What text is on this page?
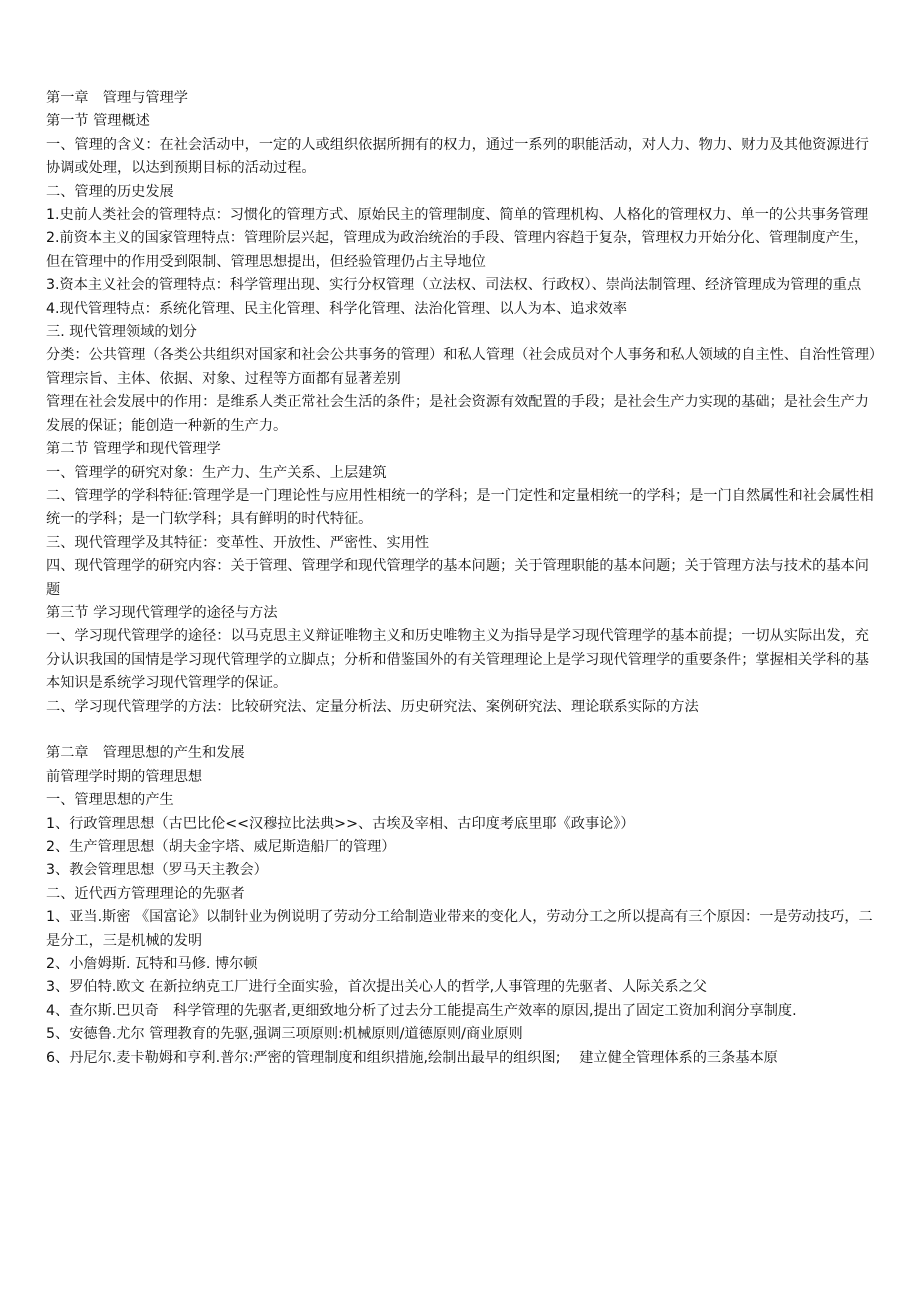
第一章　管理与管理学
第一节 管理概述
一、管理的含义：在社会活动中，一定的人或组织依据所拥有的权力，通过一系列的职能活动，对人力、物力、财力及其他资源进行协调或处理，以达到预期目标的活动过程。
二、管理的历史发展
1.史前人类社会的管理特点：习惯化的管理方式、原始民主的管理制度、简单的管理机构、人格化的管理权力、单一的公共事务管理
2.前资本主义的国家管理特点：管理阶层兴起，管理成为政治统治的手段、管理内容趋于复杂，管理权力开始分化、管理制度产生，但在管理中的作用受到限制、管理思想提出，但经验管理仍占主导地位
3.资本主义社会的管理特点：科学管理出现、实行分权管理（立法权、司法权、行政权）、崇尚法制管理、经济管理成为管理的重点
4.现代管理特点：系统化管理、民主化管理、科学化管理、法治化管理、以人为本、追求效率
三. 现代管理领域的划分
分类：公共管理（各类公共组织对国家和社会公共事务的管理）和私人管理（社会成员对个人事务和私人领域的自主性、自治性管理）
管理宗旨、主体、依据、对象、过程等方面都有显著差别
管理在社会发展中的作用：是维系人类正常社会生活的条件；是社会资源有效配置的手段；是社会生产力实现的基础；是社会生产力发展的保证；能创造一种新的生产力。
第二节 管理学和现代管理学
一、管理学的研究对象：生产力、生产关系、上层建筑
二、管理学的学科特征:管理学是一门理论性与应用性相统一的学科；是一门定性和定量相统一的学科；是一门自然属性和社会属性相统一的学科；是一门软学科；具有鲜明的时代特征。
三、现代管理学及其特征：变革性、开放性、严密性、实用性
四、现代管理学的研究内容：关于管理、管理学和现代管理学的基本问题；关于管理职能的基本问题；关于管理方法与技术的基本问题
第三节 学习现代管理学的途径与方法
一、学习现代管理学的途径：以马克思主义辩证唯物主义和历史唯物主义为指导是学习现代管理学的基本前提；一切从实际出发，充分认识我国的国情是学习现代管理学的立脚点；分析和借鉴国外的有关管理理论上是学习现代管理学的重要条件；掌握相关学科的基本知识是系统学习现代管理学的保证。
二、学习现代管理学的方法：比较研究法、定量分析法、历史研究法、案例研究法、理论联系实际的方法
第二章　管理思想的产生和发展
前管理学时期的管理思想
一、管理思想的产生
1、行政管理思想（古巴比伦<<汉穆拉比法典>>、古埃及宰相、古印度考底里耶《政事论》）
2、生产管理思想（胡夫金字塔、威尼斯造船厂的管理）
3、教会管理思想（罗马天主教会）
二、近代西方管理理论的先驱者
1、亚当.斯密 《国富论》以制针业为例说明了劳动分工给制造业带来的变化人，劳动分工之所以提高有三个原因：一是劳动技巧，二是分工，三是机械的发明
2、小詹姆斯. 瓦特和马修. 博尔顿
3、罗伯特.欧文 在新拉纳克工厂进行全面实验，首次提出关心人的哲学,人事管理的先驱者、人际关系之父
4、查尔斯.巴贝奇　科学管理的先驱者,更细致地分析了过去分工能提高生产效率的原因,提出了固定工资加利润分享制度.
5、安德鲁.尤尔 管理教育的先驱,强调三项原则:机械原则/道德原则/商业原则
6、丹尼尔.麦卡勒姆和亨利.普尔:严密的管理制度和组织措施,绘制出最早的组织图;　 建立健全管理体系的三条基本原
